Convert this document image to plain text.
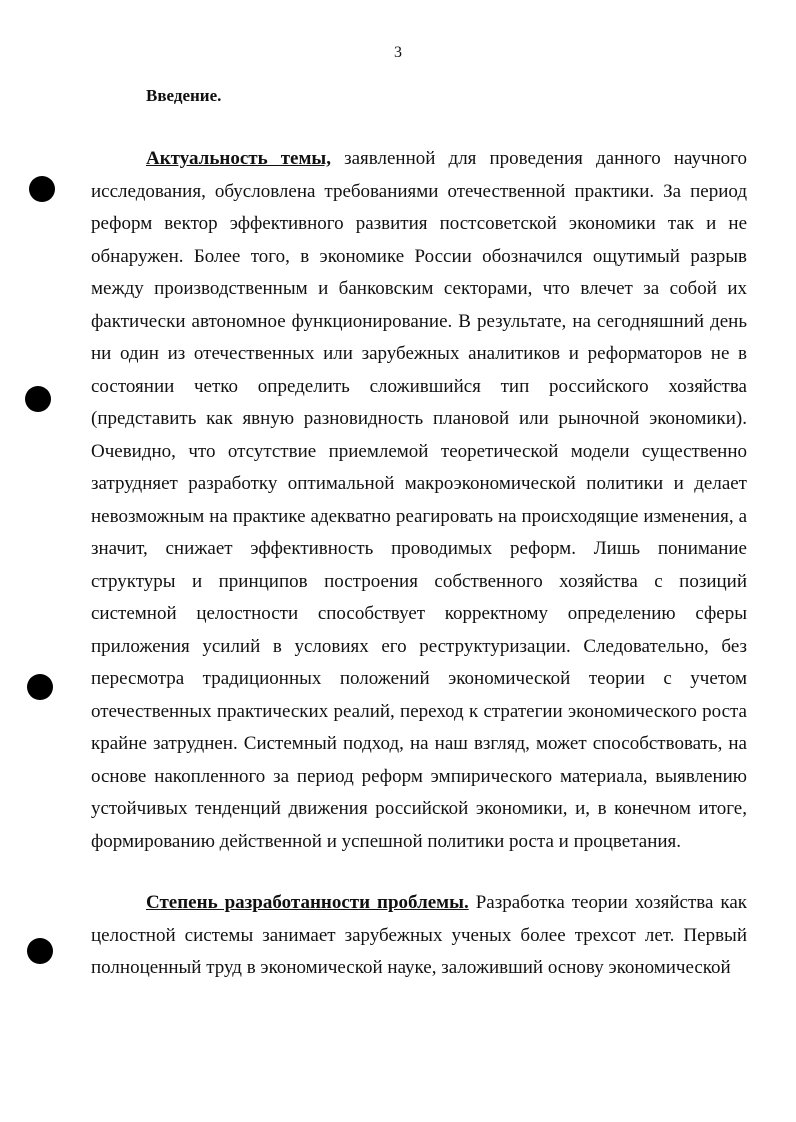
3
Введение.

Актуальность темы, заявленной для проведения данного научного исследования, обусловлена требованиями отечественной практики. За период реформ вектор эффективного развития постсоветской экономики так и не обнаружен. Более того, в экономике России обозначился ощутимый разрыв между производственным и банковским секторами, что влечет за собой их фактически автономное функционирование. В результате, на сегодняшний день ни один из отечественных или зарубежных аналитиков и реформаторов не в состоянии четко определить сложившийся тип российского хозяйства (представить как явную разновидность плановой или рыночной экономики). Очевидно, что отсутствие приемлемой теоретической модели существенно затрудняет разработку оптимальной макроэкономической политики и делает невозможным на практике адекватно реагировать на происходящие изменения, а значит, снижает эффективность проводимых реформ. Лишь понимание структуры и принципов построения собственного хозяйства с позиций системной целостности способствует корректному определению сферы приложения усилий в условиях его реструктуризации. Следовательно, без пересмотра традиционных положений экономической теории с учетом отечественных практических реалий, переход к стратегии экономического роста крайне затруднен. Системный подход, на наш взгляд, может способствовать, на основе накопленного за период реформ эмпирического материала, выявлению устойчивых тенденций движения российской экономики, и, в конечном итоге, формированию действенной и успешной политики роста и процветания.

Степень разработанности проблемы. Разработка теории хозяйства как целостной системы занимает зарубежных ученых более трехсот лет. Первый полноценный труд в экономической науке, заложивший основу экономической
